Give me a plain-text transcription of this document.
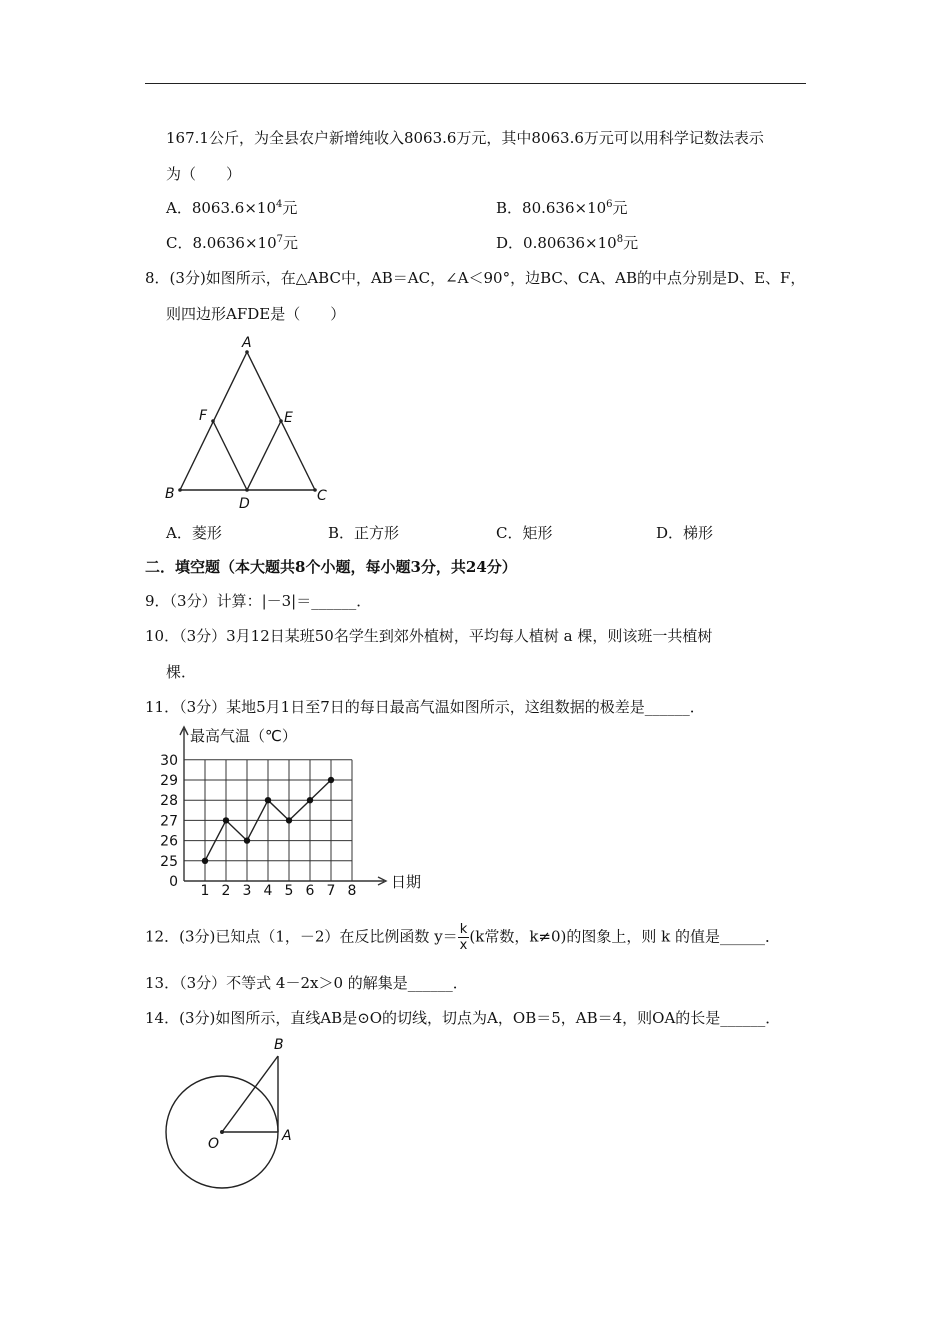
167.1公斤，为全县农户新增纯收入8063.6万元，其中8063.6万元可以用科学记数法表示
为（　　）
A．$8063.6\times 10^4$元	B．$80.636\times 10^6$元
C．$8.0636\times 10^7$元	D．$0.80636\times 10^8$元
8．(3分)如图所示，在△ABC中，AB＝AC，∠A＜90°，边BC、CA、AB的中点分别是D、E、F，
则四边形AFDE是（　　）
A
F	E
B
D	C
A．菱形	B．正方形	C．矩形	D．梯形
二．填空题（本大题共8个小题，每小题3分，共24分）
9．（3分）计算：|－3|＝______．
10．（3分）3月12日某班50名学生到郊外植树，平均每人植树 a 棵，则该班一共植树
棵．
11．（3分）某地5月1日至7日的每日最高气温如图所示，这组数据的极差是______．
最高气温（℃）
日期
25
26
27
28
29
30
0
1 2 3 4 5 6 7 8
12．(3分)已知点（1，－2）在反比例函数 $y= \frac{k}{x} (k$常数，k≠0)的图象上，则 k 的值是______．
13．（3分）不等式 4－2x＞0 的解集是______．
14．(3分)如图所示，直线AB是⊙O的切线，切点为A，OB＝5，AB＝4，则OA的长是______．
O	A
B
